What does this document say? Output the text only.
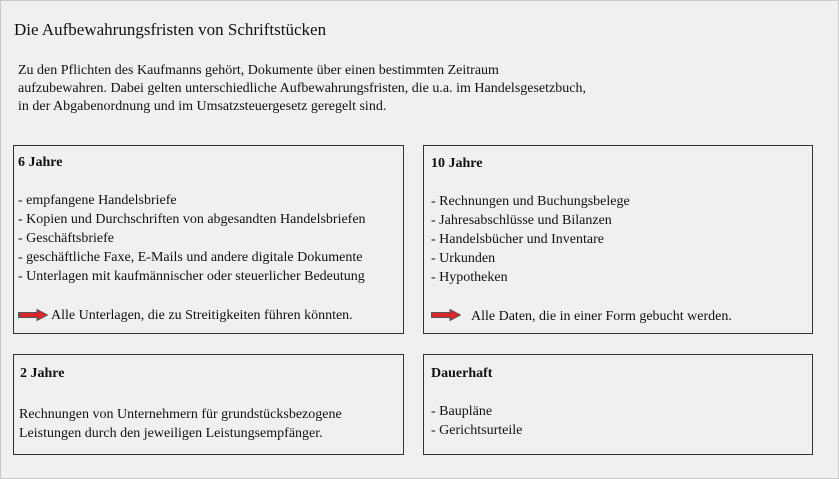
Die Aufbewahrungsfristen von Schriftstücken
Zu den Pflichten des Kaufmanns gehört, Dokumente über einen bestimmten Zeitraum
aufzubewahren. Dabei gelten unterschiedliche Aufbewahrungsfristen, die u.a. im Handelsgesetzbuch,
in der Abgabenordnung und im Umsatzsteuergesetz geregelt sind.
6 Jahre
- empfangene Handelsbriefe
- Kopien und Durchschriften von abgesandten Handelsbriefen
- Geschäftsbriefe
- geschäftliche Faxe, E-Mails und andere digitale Dokumente
- Unterlagen mit kaufmännischer oder steuerlicher Bedeutung
Alle Unterlagen, die zu Streitigkeiten führen könnten.
10 Jahre
- Rechnungen und Buchungsbelege
- Jahresabschlüsse und Bilanzen
- Handelsbücher und Inventare
- Urkunden
- Hypotheken
Alle Daten, die in einer Form gebucht werden.
2 Jahre
Rechnungen von Unternehmern für grundstücksbezogene
Leistungen durch den jeweiligen Leistungsempfänger.
Dauerhaft
- Baupläne
- Gerichtsurteile
